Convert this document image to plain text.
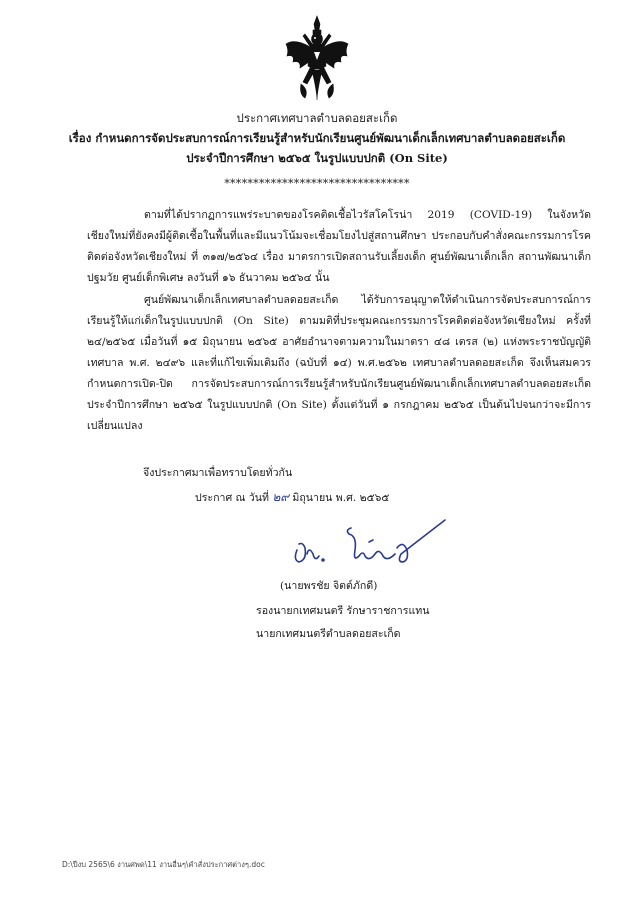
ประกาศเทศบาลตำบลดอยสะเก็ด
เรื่อง กำหนดการจัดประสบการณ์การเรียนรู้สำหรับนักเรียนศูนย์พัฒนาเด็กเล็กเทศบาลตำบลดอยสะเก็ด
ประจำปีการศึกษา ๒๕๖๕ ในรูปแบบปกติ (On Site)
********************************

ตามที่ได้ปรากฏการแพร่ระบาดของโรคติดเชื้อไวรัสโคโรน่า 2019 (COVID-19) ในจังหวัดเชียงใหม่ที่ยังคงมีผู้ติดเชื้อในพื้นที่และมีแนวโน้มจะเชื่อมโยงไปสู่สถานศึกษา ประกอบกับคำสั่งคณะกรรมการโรคติดต่อจังหวัดเชียงใหม่ ที่ ๓๑๗/๒๕๖๔ เรื่อง มาตรการเปิดสถานรับเลี้ยงเด็ก ศูนย์พัฒนาเด็กเล็ก สถานพัฒนาเด็กปฐมวัย ศูนย์เด็กพิเศษ ลงวันที่ ๑๖ ธันวาคม ๒๕๖๔ นั้น

ศูนย์พัฒนาเด็กเล็กเทศบาลตำบลดอยสะเก็ด ได้รับการอนุญาตให้ดำเนินการจัดประสบการณ์การเรียนรู้ให้แก่เด็กในรูปแบบปกติ (On Site) ตามมติที่ประชุมคณะกรรมการโรคติดต่อจังหวัดเชียงใหม่ ครั้งที่ ๒๔/๒๕๖๕ เมื่อวันที่ ๑๕ มิถุนายน ๒๕๖๕ อาศัยอำนาจตามความในมาตรา ๔๘ เตรส (๒) แห่งพระราชบัญญัติเทศบาล พ.ศ. ๒๔๙๖ และที่แก้ไขเพิ่มเติมถึง (ฉบับที่ ๑๔) พ.ศ.๒๕๖๒ เทศบาลตำบลดอยสะเก็ด จึงเห็นสมควรกำหนดการเปิด-ปิด การจัดประสบการณ์การเรียนรู้สำหรับนักเรียนศูนย์พัฒนาเด็กเล็กเทศบาลตำบลดอยสะเก็ด ประจำปีการศึกษา ๒๕๖๕ ในรูปแบบปกติ (On Site) ตั้งแต่วันที่ ๑ กรกฎาคม ๒๕๖๕ เป็นต้นไปจนกว่าจะมีการเปลี่ยนแปลง

จึงประกาศมาเพื่อทราบโดยทั่วกัน
ประกาศ ณ วันที่ ๒๙ มิถุนายน พ.ศ. ๒๕๖๕
(นายพรชัย จิตต์ภักดี)
รองนายกเทศมนตรี รักษาราชการแทน
นายกเทศมนตรีตำบลดอยสะเก็ด
D:\ปีงบ 2565\6 งานศพด\11 งานอื่นๆ\คำสั่งประกาศต่างๆ.doc
